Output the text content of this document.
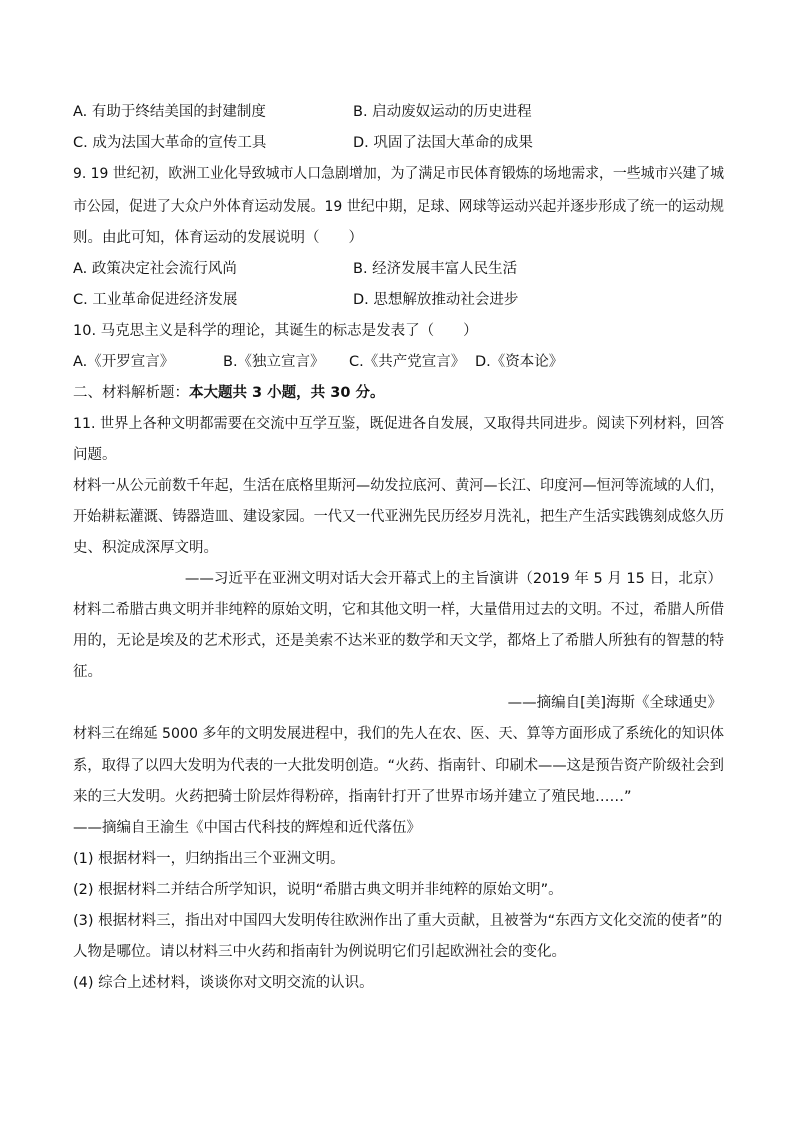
A. 有助于终结美国的封建制度	B. 启动废奴运动的历史进程
C. 成为法国大革命的宣传工具	D. 巩固了法国大革命的成果
9. 19 世纪初，欧洲工业化导致城市人口急剧增加，为了满足市民体育锻炼的场地需求，一些城市兴建了城
市公园，促进了大众户外体育运动发展。19 世纪中期，足球、网球等运动兴起并逐步形成了统一的运动规
则。由此可知，体育运动的发展说明（　　）
A. 政策决定社会流行风尚	B. 经济发展丰富人民生活
C. 工业革命促进经济发展	D. 思想解放推动社会进步
10. 马克思主义是科学的理论，其诞生的标志是发表了（　　）
A.《开罗宣言》	B.《独立宣言》 C.《共产党宣言》 D.《资本论》
二、材料解析题：本大题共 3 小题，共 30 分。
11. 世界上各种文明都需要在交流中互学互鉴，既促进各自发展，又取得共同进步。阅读下列材料，回答
问题。
材料一从公元前数千年起，生活在底格里斯河—幼发拉底河、黄河—长江、印度河—恒河等流域的人们，
开始耕耘灌溉、铸器造皿、建设家园。一代又一代亚洲先民历经岁月洗礼，把生产生活实践镌刻成悠久历
史、积淀成深厚文明。
——习近平在亚洲文明对话大会开幕式上的主旨演讲（2019 年 5 月 15 日，北京）
材料二希腊古典文明并非纯粹的原始文明，它和其他文明一样，大量借用过去的文明。不过，希腊人所借
用的，无论是埃及的艺术形式，还是美索不达米亚的数学和天文学，都烙上了希腊人所独有的智慧的特
征。
——摘编自[美]海斯《全球通史》
材料三在绵延 5000 多年的文明发展进程中，我们的先人在农、医、天、算等方面形成了系统化的知识体
系，取得了以四大发明为代表的一大批发明创造。“火药、指南针、印刷术——这是预告资产阶级社会到
来的三大发明。火药把骑士阶层炸得粉碎，指南针打开了世界市场并建立了殖民地……”
——摘编自王渝生《中国古代科技的辉煌和近代落伍》
(1) 根据材料一，归纳指出三个亚洲文明。
(2) 根据材料二并结合所学知识，说明“希腊古典文明并非纯粹的原始文明”。
(3) 根据材料三，指出对中国四大发明传往欧洲作出了重大贡献，且被誉为“东西方文化交流的使者”的
人物是哪位。请以材料三中火药和指南针为例说明它们引起欧洲社会的变化。
(4) 综合上述材料，谈谈你对文明交流的认识。
